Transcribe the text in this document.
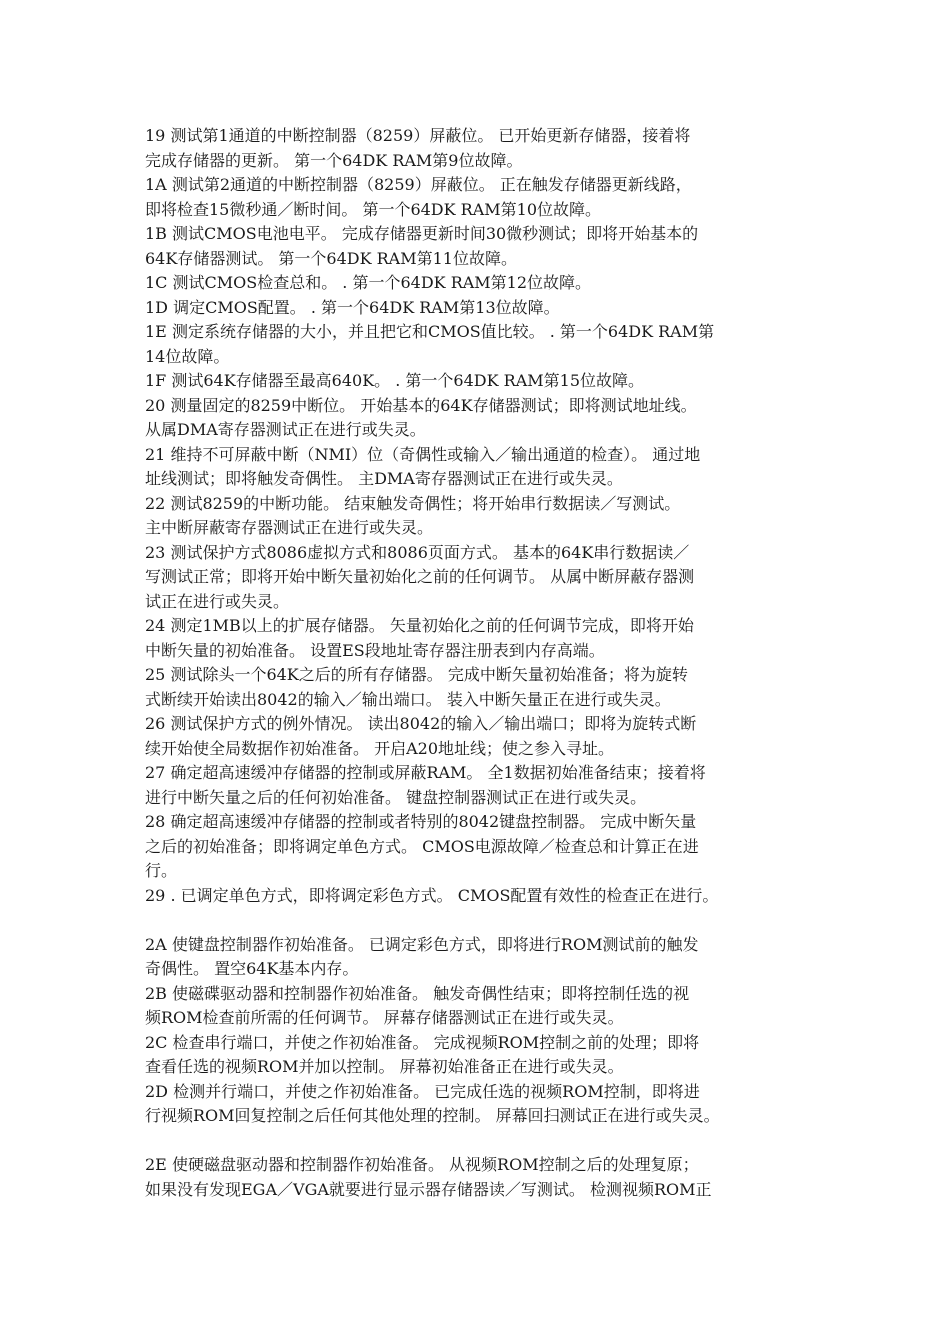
19 测试第1通道的中断控制器（8259）屏蔽位。 已开始更新存储器，接着将
完成存储器的更新。 第一个64DK RAM第9位故障。
1A 测试第2通道的中断控制器（8259）屏蔽位。 正在触发存储器更新线路，
即将检查15微秒通／断时间。 第一个64DK RAM第10位故障。
1B 测试CMOS电池电平。 完成存储器更新时间30微秒测试；即将开始基本的
64K存储器测试。 第一个64DK RAM第11位故障。
1C 测试CMOS检查总和。 . 第一个64DK RAM第12位故障。
1D 调定CMOS配置。 . 第一个64DK RAM第13位故障。
1E 测定系统存储器的大小，并且把它和CMOS值比较。 . 第一个64DK RAM第
14位故障。
1F 测试64K存储器至最高640K。 . 第一个64DK RAM第15位故障。
20 测量固定的8259中断位。 开始基本的64K存储器测试；即将测试地址线。
从属DMA寄存器测试正在进行或失灵。
21 维持不可屏蔽中断（NMI）位（奇偶性或输入／输出通道的检查）。 通过地
址线测试；即将触发奇偶性。 主DMA寄存器测试正在进行或失灵。
22 测试8259的中断功能。 结束触发奇偶性；将开始串行数据读／写测试。
主中断屏蔽寄存器测试正在进行或失灵。
23 测试保护方式8086虚拟方式和8086页面方式。 基本的64K串行数据读／
写测试正常；即将开始中断矢量初始化之前的任何调节。 从属中断屏蔽存器测
试正在进行或失灵。
24 测定1MB以上的扩展存储器。 矢量初始化之前的任何调节完成，即将开始
中断矢量的初始准备。 设置ES段地址寄存器注册表到内存高端。
25 测试除头一个64K之后的所有存储器。 完成中断矢量初始准备；将为旋转
式断续开始读出8042的输入／输出端口。 装入中断矢量正在进行或失灵。
26 测试保护方式的例外情况。 读出8042的输入／输出端口；即将为旋转式断
续开始使全局数据作初始准备。 开启A20地址线；使之参入寻址。
27 确定超高速缓冲存储器的控制或屏蔽RAM。 全1数据初始准备结束；接着将
进行中断矢量之后的任何初始准备。 键盘控制器测试正在进行或失灵。
28 确定超高速缓冲存储器的控制或者特别的8042键盘控制器。 完成中断矢量
之后的初始准备；即将调定单色方式。 CMOS电源故障／检查总和计算正在进
行。
29 . 已调定单色方式，即将调定彩色方式。 CMOS配置有效性的检查正在进行。
2A 使键盘控制器作初始准备。 已调定彩色方式，即将进行ROM测试前的触发
奇偶性。 置空64K基本内存。
2B 使磁碟驱动器和控制器作初始准备。 触发奇偶性结束；即将控制任选的视
频ROM检查前所需的任何调节。 屏幕存储器测试正在进行或失灵。
2C 检查串行端口，并使之作初始准备。 完成视频ROM控制之前的处理；即将
查看任选的视频ROM并加以控制。 屏幕初始准备正在进行或失灵。
2D 检测并行端口，并使之作初始准备。 已完成任选的视频ROM控制，即将进
行视频ROM回复控制之后任何其他处理的控制。 屏幕回扫测试正在进行或失灵。
2E 使硬磁盘驱动器和控制器作初始准备。 从视频ROM控制之后的处理复原；
如果没有发现EGA／VGA就要进行显示器存储器读／写测试。 检测视频ROM正
